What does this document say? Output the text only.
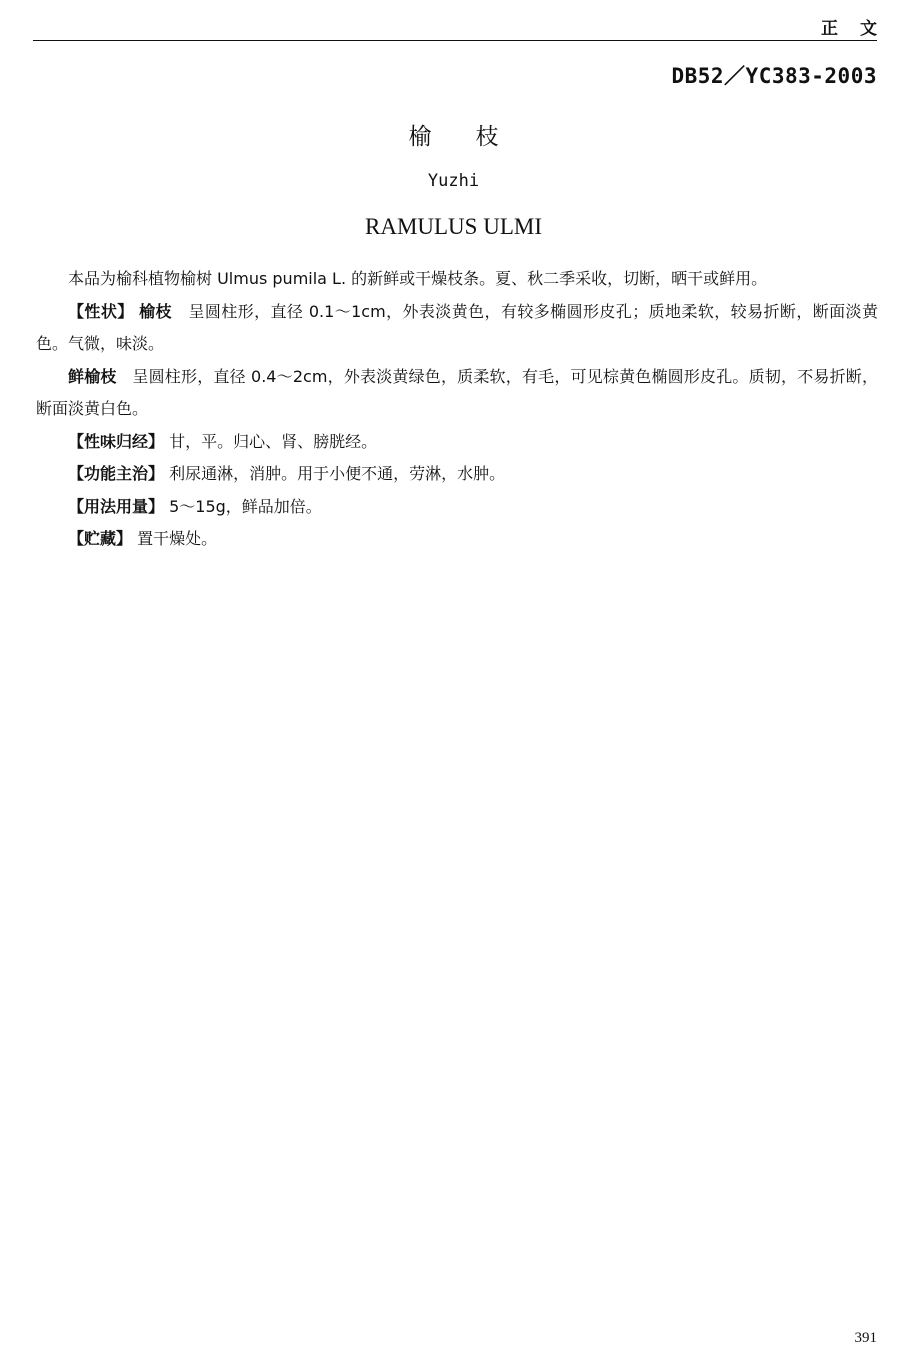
正文
DB52／YC383-2003
榆枝
Yuzhi
RAMULUS ULMI

本品为榆科植物榆树 Ulmus pumila L. 的新鲜或干燥枝条。夏、秋二季采收，切断，晒干或鲜用。

【性状】 榆枝 呈圆柱形，直径 0.1～1cm，外表淡黄色，有较多椭圆形皮孔；质地柔软，较易折断，断面淡黄色。气微，味淡。

鲜榆枝 呈圆柱形，直径 0.4～2cm，外表淡黄绿色，质柔软，有毛，可见棕黄色椭圆形皮孔。质韧，不易折断，断面淡黄白色。

【性味归经】 甘，平。归心、肾、膀胱经。

【功能主治】 利尿通淋，消肿。用于小便不通，劳淋，水肿。

【用法用量】 5～15g，鲜品加倍。

【贮藏】 置干燥处。

391
